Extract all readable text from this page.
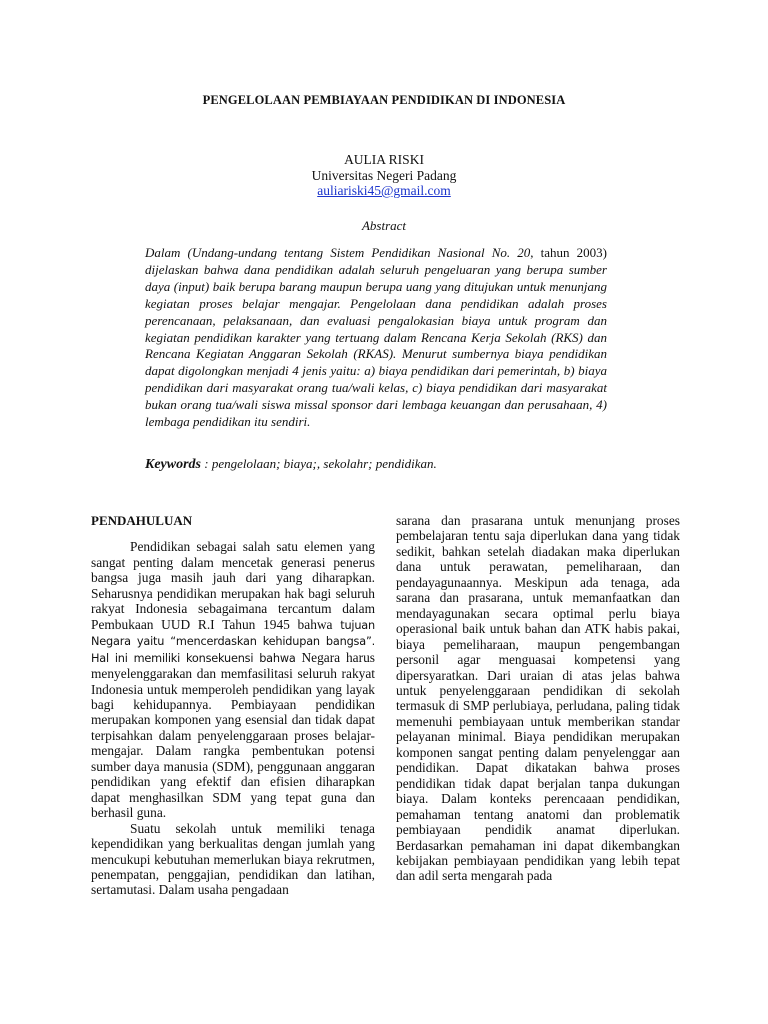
PENGELOLAAN PEMBIAYAAN PENDIDIKAN DI INDONESIA
AULIA RISKI
Universitas Negeri Padang
auliariski45@gmail.com
Abstract
Dalam (Undang-undang tentang Sistem Pendidikan Nasional No. 20, tahun 2003) dijelaskan bahwa dana pendidikan adalah seluruh pengeluaran yang berupa sumber daya (input) baik berupa barang maupun berupa uang yang ditujukan untuk menunjang kegiatan proses belajar mengajar. Pengelolaan dana pendidikan adalah proses perencanaan, pelaksanaan, dan evaluasi pengalokasian biaya untuk program dan kegiatan pendidikan karakter yang tertuang dalam Rencana Kerja Sekolah (RKS) dan Rencana Kegiatan Anggaran Sekolah (RKAS). Menurut sumbernya biaya pendidikan dapat digolongkan menjadi 4 jenis yaitu: a) biaya pendidikan dari pemerintah, b) biaya pendidikan dari masyarakat orang tua/wali kelas, c) biaya pendidikan dari masyarakat bukan orang tua/wali siswa missal sponsor dari lembaga keuangan dan perusahaan, 4) lembaga pendidikan itu sendiri.
Keywords : pengelolaan; biaya;, sekolahr; pendidikan.
PENDAHULUAN

Pendidikan sebagai salah satu elemen yang sangat penting dalam mencetak generasi penerus bangsa juga masih jauh dari yang diharapkan. Seharusnya pendidikan merupakan hak bagi seluruh rakyat Indonesia sebagaimana tercantum dalam Pembukaan UUD R.I Tahun 1945 bahwa tujuan Negara yaitu “mencerdaskan kehidupan bangsa”. Hal ini memiliki konsekuensi bahwa Negara harus menyelenggarakan dan memfasilitasi seluruh rakyat Indonesia untuk memperoleh pendidikan yang layak bagi kehidupannya. Pembiayaan pendidikan merupakan komponen yang esensial dan tidak dapat terpisahkan dalam penyelenggaraan proses belajar-mengajar. Dalam rangka pembentukan potensi sumber daya manusia (SDM), penggunaan anggaran pendidikan yang efektif dan efisien diharapkan dapat menghasilkan SDM yang tepat guna dan berhasil guna.

Suatu sekolah untuk memiliki tenaga kependidikan yang berkualitas dengan jumlah yang mencukupi kebutuhan memerlukan biaya rekrutmen, penempatan, penggajian, pendidikan dan latihan, sertamutasi. Dalam usaha pengadaan

sarana dan prasarana untuk menunjang proses pembelajaran tentu saja diperlukan dana yang tidak sedikit, bahkan setelah diadakan maka diperlukan dana untuk perawatan, pemeliharaan, dan pendayagunaannya. Meskipun ada tenaga, ada sarana dan prasarana, untuk memanfaatkan dan mendayagunakan secara optimal perlu biaya operasional baik untuk bahan dan ATK habis pakai, biaya pemeliharaan, maupun pengembangan personil agar menguasai kompetensi yang dipersyaratkan. Dari uraian di atas jelas bahwa untuk penyelenggaraan pendidikan di sekolah termasuk di SMP perlubiaya, perludana, paling tidak memenuhi pembiayaan untuk memberikan standar pelayanan minimal. Biaya pendidikan merupakan komponen sangat penting dalam penyelenggar aan pendidikan. Dapat dikatakan bahwa proses pendidikan tidak dapat berjalan tanpa dukungan biaya. Dalam konteks perencaaan pendidikan, pemahaman tentang anatomi dan problematik pembiayaan pendidik anamat diperlukan. Berdasarkan pemahaman ini dapat dikembangkan kebijakan pembiayaan pendidikan yang lebih tepat dan adil serta mengarah pada
